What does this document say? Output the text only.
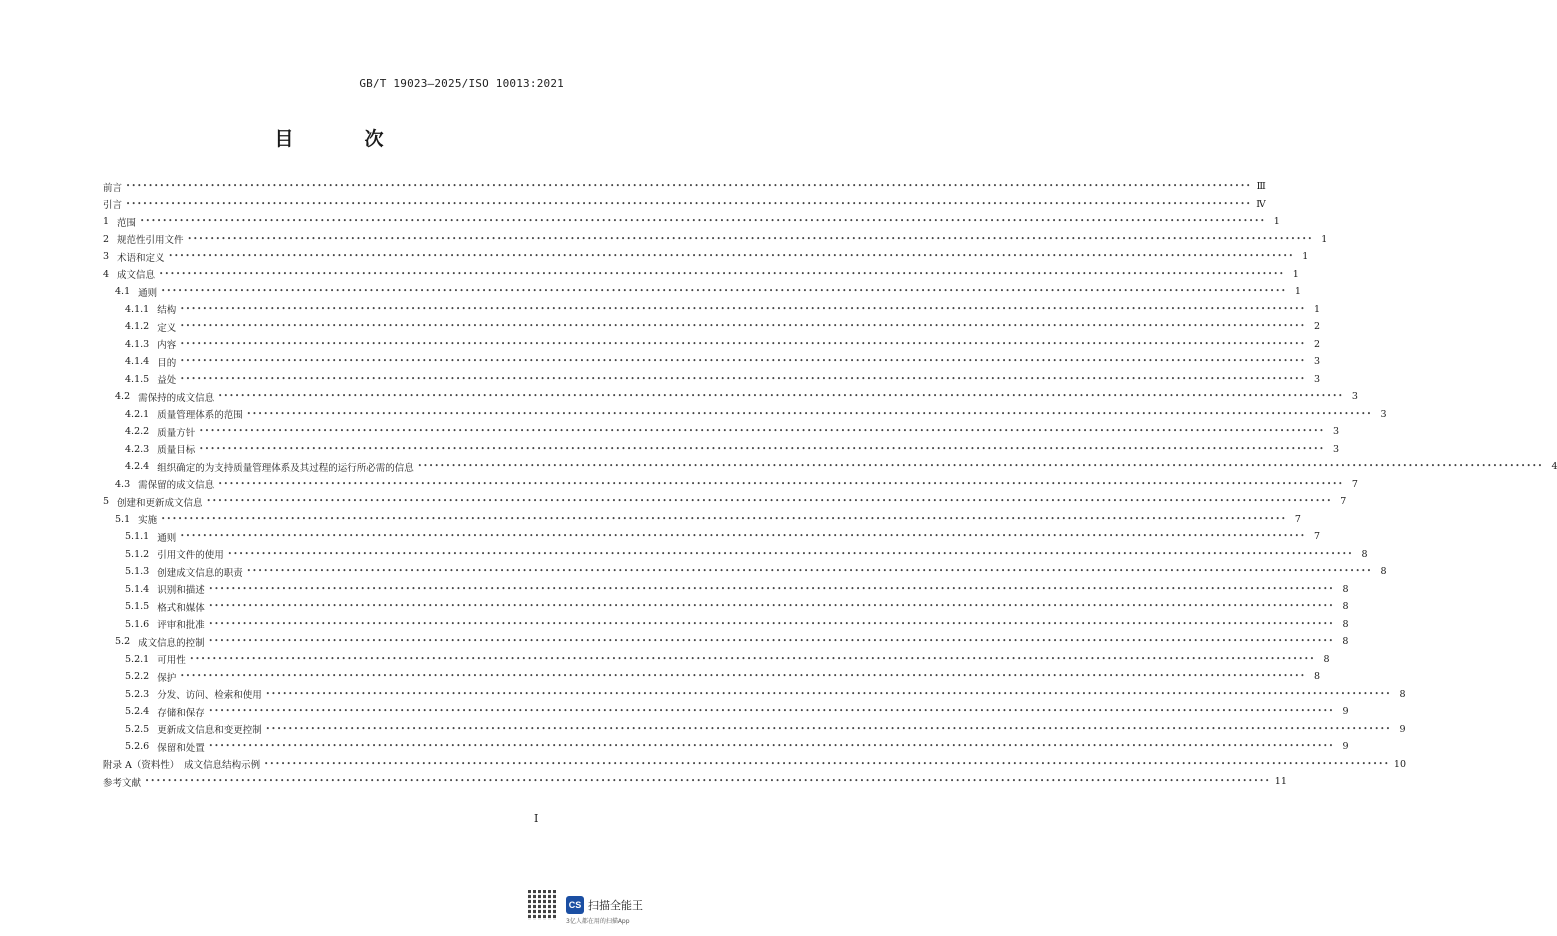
GB/T 19023—2025/ISO 10013:2021
目　次
前言 •••••••••••••••••••••••••••••••••••••••••••••••••••••••••••••••••••••••••••••••••••••••••••••••••••••••••••••••••••••••••••••••••••••••••••••••••••••••••••••••••••••••••••••••••••••••••••••••••••••••• Ⅲ
引言 •••••••••••••••••••••••••••••••••••••••••••••••••••••••••••••••••••••••••••••••••••••••••••••••••••••••••••••••••••••••••••••••••••••••••••••••••••••••••••••••••••••••••••••••••••••••••••••••••••••••• Ⅳ
1 范围 •••••••••••••••••••••••••••••••••••••••••••••••••••••••••••••••••••••••••••••••••••••••••••••••••••••••••••••••••••••••••••••••••••••••••••••••••••••••••••••••••••••••••••••••••••••••••••••••••••••••• 1
2 规范性引用文件 •••••••••••••••••••••••••••••••••••••••••••••••••••••••••••••••••••••••••••••••••••••••••••••••••••••••••••••••••••••••••••••••••••••••••••••••••••••••••••••••••••••••••••••••••••••••••••••••••••••••• 1
3 术语和定义 •••••••••••••••••••••••••••••••••••••••••••••••••••••••••••••••••••••••••••••••••••••••••••••••••••••••••••••••••••••••••••••••••••••••••••••••••••••••••••••••••••••••••••••••••••••••••••••••••••••••• 1
4 成文信息 •••••••••••••••••••••••••••••••••••••••••••••••••••••••••••••••••••••••••••••••••••••••••••••••••••••••••••••••••••••••••••••••••••••••••••••••••••••••••••••••••••••••••••••••••••••••••••••••••••••••• 1
4.1 通则 •••••••••••••••••••••••••••••••••••••••••••••••••••••••••••••••••••••••••••••••••••••••••••••••••••••••••••••••••••••••••••••••••••••••••••••••••••••••••••••••••••••••••••••••••••••••••••••••••••••••• 1
4.1.1 结构 •••••••••••••••••••••••••••••••••••••••••••••••••••••••••••••••••••••••••••••••••••••••••••••••••••••••••••••••••••••••••••••••••••••••••••••••••••••••••••••••••••••••••••••••••••••••••••••••••••••••• 1
4.1.2 定义 •••••••••••••••••••••••••••••••••••••••••••••••••••••••••••••••••••••••••••••••••••••••••••••••••••••••••••••••••••••••••••••••••••••••••••••••••••••••••••••••••••••••••••••••••••••••••••••••••••••••• 2
4.1.3 内容 •••••••••••••••••••••••••••••••••••••••••••••••••••••••••••••••••••••••••••••••••••••••••••••••••••••••••••••••••••••••••••••••••••••••••••••••••••••••••••••••••••••••••••••••••••••••••••••••••••••••• 2
4.1.4 目的 •••••••••••••••••••••••••••••••••••••••••••••••••••••••••••••••••••••••••••••••••••••••••••••••••••••••••••••••••••••••••••••••••••••••••••••••••••••••••••••••••••••••••••••••••••••••••••••••••••••••• 3
4.1.5 益处 •••••••••••••••••••••••••••••••••••••••••••••••••••••••••••••••••••••••••••••••••••••••••••••••••••••••••••••••••••••••••••••••••••••••••••••••••••••••••••••••••••••••••••••••••••••••••••••••••••••••• 3
4.2 需保持的成文信息 •••••••••••••••••••••••••••••••••••••••••••••••••••••••••••••••••••••••••••••••••••••••••••••••••••••••••••••••••••••••••••••••••••••••••••••••••••••••••••••••••••••••••••••••••••••••••••••••••••••••• 3
4.2.1 质量管理体系的范围 •••••••••••••••••••••••••••••••••••••••••••••••••••••••••••••••••••••••••••••••••••••••••••••••••••••••••••••••••••••••••••••••••••••••••••••••••••••••••••••••••••••••••••••••••••••••••••••••••••••••• 3
4.2.2 质量方针 •••••••••••••••••••••••••••••••••••••••••••••••••••••••••••••••••••••••••••••••••••••••••••••••••••••••••••••••••••••••••••••••••••••••••••••••••••••••••••••••••••••••••••••••••••••••••••••••••••••••• 3
4.2.3 质量目标 •••••••••••••••••••••••••••••••••••••••••••••••••••••••••••••••••••••••••••••••••••••••••••••••••••••••••••••••••••••••••••••••••••••••••••••••••••••••••••••••••••••••••••••••••••••••••••••••••••••••• 3
4.2.4 组织确定的为支持质量管理体系及其过程的运行所必需的信息 •••••••••••••••••••••••••••••••••••••••••••••••••••••••••••••••••••••••••••••••••••••••••••••••••••••••••••••••••••••••••••••••••••••••••••••••••••••••••••••••••••••••••••••••••••••••••••••••••••••••• 4
4.3 需保留的成文信息 •••••••••••••••••••••••••••••••••••••••••••••••••••••••••••••••••••••••••••••••••••••••••••••••••••••••••••••••••••••••••••••••••••••••••••••••••••••••••••••••••••••••••••••••••••••••••••••••••••••••• 7
5 创建和更新成文信息 •••••••••••••••••••••••••••••••••••••••••••••••••••••••••••••••••••••••••••••••••••••••••••••••••••••••••••••••••••••••••••••••••••••••••••••••••••••••••••••••••••••••••••••••••••••••••••••••••••••••• 7
5.1 实施 •••••••••••••••••••••••••••••••••••••••••••••••••••••••••••••••••••••••••••••••••••••••••••••••••••••••••••••••••••••••••••••••••••••••••••••••••••••••••••••••••••••••••••••••••••••••••••••••••••••••• 7
5.1.1 通则 •••••••••••••••••••••••••••••••••••••••••••••••••••••••••••••••••••••••••••••••••••••••••••••••••••••••••••••••••••••••••••••••••••••••••••••••••••••••••••••••••••••••••••••••••••••••••••••••••••••••• 7
5.1.2 引用文件的使用 •••••••••••••••••••••••••••••••••••••••••••••••••••••••••••••••••••••••••••••••••••••••••••••••••••••••••••••••••••••••••••••••••••••••••••••••••••••••••••••••••••••••••••••••••••••••••••••••••••••••• 8
5.1.3 创建成文信息的职责 •••••••••••••••••••••••••••••••••••••••••••••••••••••••••••••••••••••••••••••••••••••••••••••••••••••••••••••••••••••••••••••••••••••••••••••••••••••••••••••••••••••••••••••••••••••••••••••••••••••••• 8
5.1.4 识别和描述 •••••••••••••••••••••••••••••••••••••••••••••••••••••••••••••••••••••••••••••••••••••••••••••••••••••••••••••••••••••••••••••••••••••••••••••••••••••••••••••••••••••••••••••••••••••••••••••••••••••••• 8
5.1.5 格式和媒体 •••••••••••••••••••••••••••••••••••••••••••••••••••••••••••••••••••••••••••••••••••••••••••••••••••••••••••••••••••••••••••••••••••••••••••••••••••••••••••••••••••••••••••••••••••••••••••••••••••••••• 8
5.1.6 评审和批准 •••••••••••••••••••••••••••••••••••••••••••••••••••••••••••••••••••••••••••••••••••••••••••••••••••••••••••••••••••••••••••••••••••••••••••••••••••••••••••••••••••••••••••••••••••••••••••••••••••••••• 8
5.2 成文信息的控制 •••••••••••••••••••••••••••••••••••••••••••••••••••••••••••••••••••••••••••••••••••••••••••••••••••••••••••••••••••••••••••••••••••••••••••••••••••••••••••••••••••••••••••••••••••••••••••••••••••••••• 8
5.2.1 可用性 •••••••••••••••••••••••••••••••••••••••••••••••••••••••••••••••••••••••••••••••••••••••••••••••••••••••••••••••••••••••••••••••••••••••••••••••••••••••••••••••••••••••••••••••••••••••••••••••••••••••• 8
5.2.2 保护 •••••••••••••••••••••••••••••••••••••••••••••••••••••••••••••••••••••••••••••••••••••••••••••••••••••••••••••••••••••••••••••••••••••••••••••••••••••••••••••••••••••••••••••••••••••••••••••••••••••••• 8
5.2.3 分发、访问、检索和使用 •••••••••••••••••••••••••••••••••••••••••••••••••••••••••••••••••••••••••••••••••••••••••••••••••••••••••••••••••••••••••••••••••••••••••••••••••••••••••••••••••••••••••••••••••••••••••••••••••••••••• 8
5.2.4 存储和保存 •••••••••••••••••••••••••••••••••••••••••••••••••••••••••••••••••••••••••••••••••••••••••••••••••••••••••••••••••••••••••••••••••••••••••••••••••••••••••••••••••••••••••••••••••••••••••••••••••••••••• 9
5.2.5 更新成文信息和变更控制 •••••••••••••••••••••••••••••••••••••••••••••••••••••••••••••••••••••••••••••••••••••••••••••••••••••••••••••••••••••••••••••••••••••••••••••••••••••••••••••••••••••••••••••••••••••••••••••••••••••••• 9
5.2.6 保留和处置 •••••••••••••••••••••••••••••••••••••••••••••••••••••••••••••••••••••••••••••••••••••••••••••••••••••••••••••••••••••••••••••••••••••••••••••••••••••••••••••••••••••••••••••••••••••••••••••••••••••••• 9
附录 A（资料性）　成文信息结构示例 •••••••••••••••••••••••••••••••••••••••••••••••••••••••••••••••••••••••••••••••••••••••••••••••••••••••••••••••••••••••••••••••••••••••••••••••••••••••••••••••••••••••••••••••••••••••••••••••••••••••• 10
参考文献 •••••••••••••••••••••••••••••••••••••••••••••••••••••••••••••••••••••••••••••••••••••••••••••••••••••••••••••••••••••••••••••••••••••••••••••••••••••••••••••••••••••••••••••••••••••••••••••••••••••••• 11
I
CS 扫描全能王
3亿人都在用的扫描App
